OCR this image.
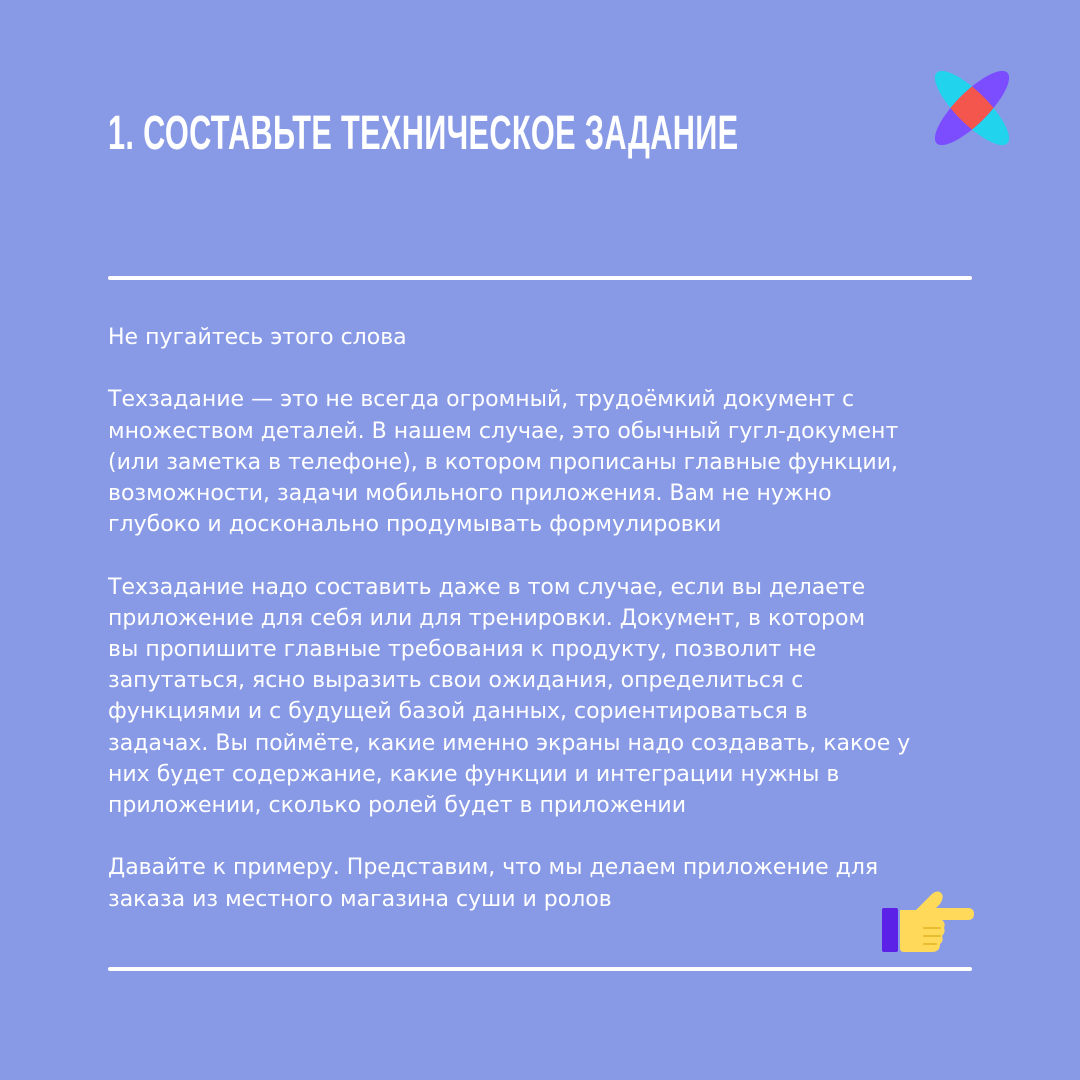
1. СОСТАВЬТЕ ТЕХНИЧЕСКОЕ ЗАДАНИЕ

Не пугайтесь этого слова

Техзадание — это не всегда огромный, трудоёмкий документ с
множеством деталей. В нашем случае, это обычный гугл-документ
(или заметка в телефоне), в котором прописаны главные функции,
возможности, задачи мобильного приложения. Вам не нужно
глубоко и досконально продумывать формулировки

Техзадание надо составить даже в том случае, если вы делаете
приложение для себя или для тренировки. Документ, в котором
вы пропишите главные требования к продукту, позволит не
запутаться, ясно выразить свои ожидания, определиться с
функциями и с будущей базой данных, сориентироваться в
задачах. Вы поймёте, какие именно экраны надо создавать, какое у
них будет содержание, какие функции и интеграции нужны в
приложении, сколько ролей будет в приложении

Давайте к примеру. Представим, что мы делаем приложение для
заказа из местного магазина суши и ролов
